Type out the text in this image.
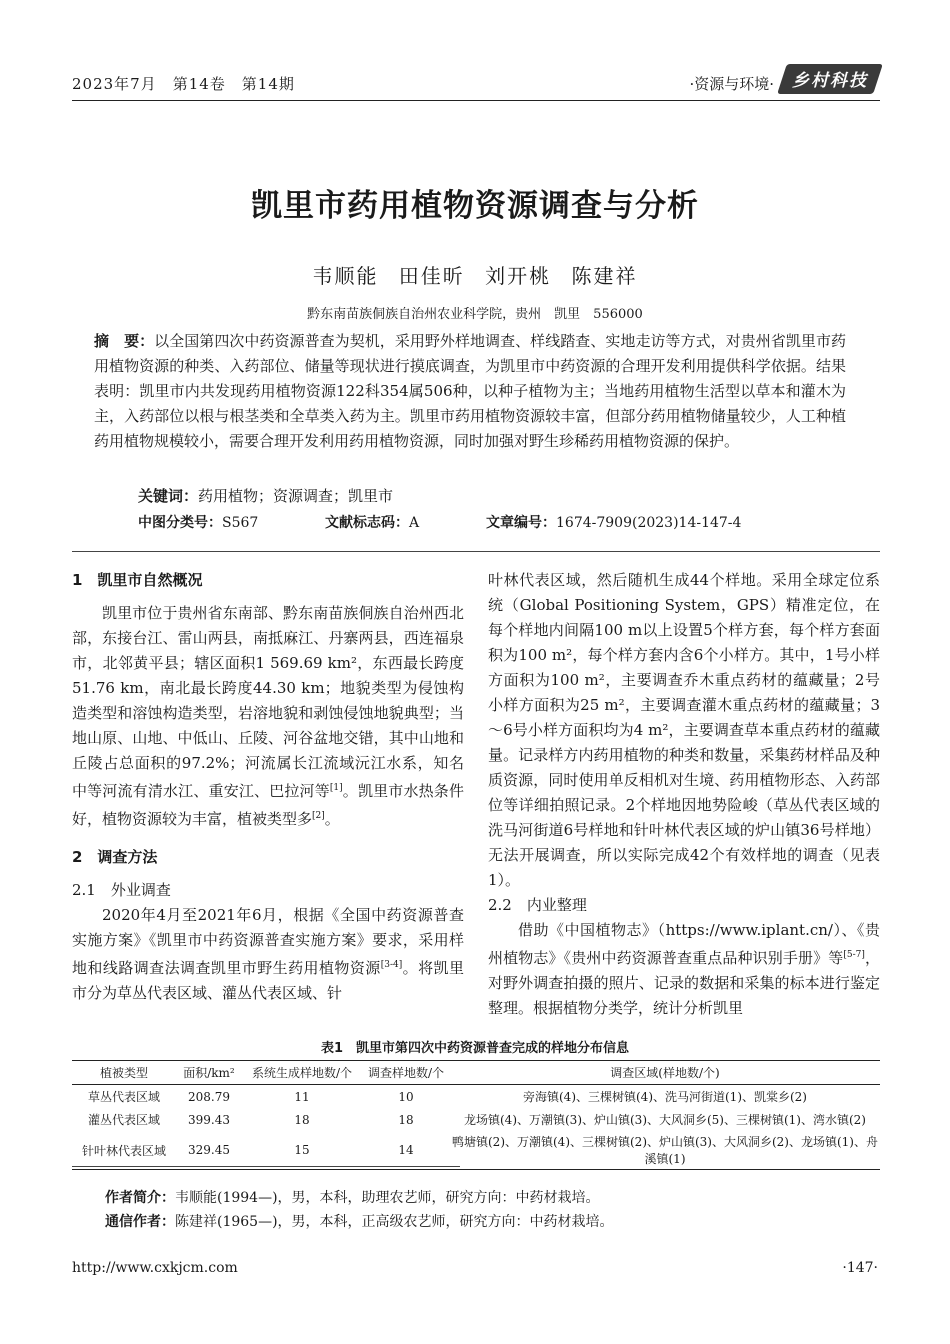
2023年7月　第14卷　第14期	·资源与环境· 乡村科技
凯里市药用植物资源调查与分析
韦顺能 田佳昕 刘开桃 陈建祥
黔东南苗族侗族自治州农业科学院，贵州　凯里　556000
摘　要：以全国第四次中药资源普查为契机，采用野外样地调查、样线踏查、实地走访等方式，对贵州省凯里市药用植物资源的种类、入药部位、储量等现状进行摸底调查，为凯里市中药资源的合理开发利用提供科学依据。结果表明：凯里市内共发现药用植物资源122科354属506种，以种子植物为主；当地药用植物生活型以草本和灌木为主，入药部位以根与根茎类和全草类入药为主。凯里市药用植物资源较丰富，但部分药用植物储量较少，人工种植药用植物规模较小，需要合理开发利用药用植物资源，同时加强对野生珍稀药用植物资源的保护。
关键词：药用植物；资源调查；凯里市
中图分类号：S567	文献标志码：A	文章编号：1674-7909(2023)14-147-4
1　凯里市自然概况

凯里市位于贵州省东南部、黔东南苗族侗族自治州西北部，东接台江、雷山两县，南抵麻江、丹寨两县，西连福泉市，北邻黄平县；辖区面积1 569.69 km²，东西最长跨度51.76 km，南北最长跨度44.30 km；地貌类型为侵蚀构造类型和溶蚀构造类型，岩溶地貌和剥蚀侵蚀地貌典型；当地山原、山地、中低山、丘陵、河谷盆地交错，其中山地和丘陵占总面积的97.2%；河流属长江流域沅江水系，知名中等河流有清水江、重安江、巴拉河等[1]。凯里市水热条件好，植物资源较为丰富，植被类型多[2]。

2　调查方法
2.1　外业调查

2020年4月至2021年6月，根据《全国中药资源普查实施方案》《凯里市中药资源普查实施方案》要求，采用样地和线路调查法调查凯里市野生药用植物资源[3-4]。将凯里市分为草丛代表区域、灌丛代表区域、针

叶林代表区域，然后随机生成44个样地。采用全球定位系统（Global Positioning System，GPS）精准定位，在每个样地内间隔100 m以上设置5个样方套，每个样方套面积为100 m²，每个样方套内含6个小样方。其中，1号小样方面积为100 m²，主要调查乔木重点药材的蕴藏量；2号小样方面积为25 m²，主要调查灌木重点药材的蕴藏量；3～6号小样方面积均为4 m²，主要调查草本重点药材的蕴藏量。记录样方内药用植物的种类和数量，采集药材样品及种质资源，同时使用单反相机对生境、药用植物形态、入药部位等详细拍照记录。2个样地因地势险峻（草丛代表区域的洗马河街道6号样地和针叶林代表区域的炉山镇36号样地）无法开展调查，所以实际完成42个有效样地的调查（见表1）。

2.2　内业整理

借助《中国植物志》（https://www.iplant.cn/）、《贵州植物志》《贵州中药资源普查重点品种识别手册》等[5-7]，对野外调查拍摄的照片、记录的数据和采集的标本进行鉴定整理。根据植物分类学，统计分析凯里

表1　凯里市第四次中药资源普查完成的样地分布信息
植被类型	面积/km²	系统生成样地数/个	调查样地数/个	调查区域(样地数/个)
草丛代表区域	208.79	11	10	旁海镇(4)、三棵树镇(4)、洗马河街道(1)、凯棠乡(2)
灌丛代表区域	399.43	18	18	龙场镇(4)、万潮镇(3)、炉山镇(3)、大风洞乡(5)、三棵树镇(1)、湾水镇(2)
针叶林代表区域	329.45	15	14	鸭塘镇(2)、万潮镇(4)、三棵树镇(2)、炉山镇(3)、大风洞乡(2)、龙场镇(1)、舟溪镇(1)
作者简介：韦顺能(1994—)，男，本科，助理农艺师，研究方向：中药材栽培。
通信作者：陈建祥(1965—)，男，本科，正高级农艺师，研究方向：中药材栽培。
http://www.cxkjcm.com	·147·
